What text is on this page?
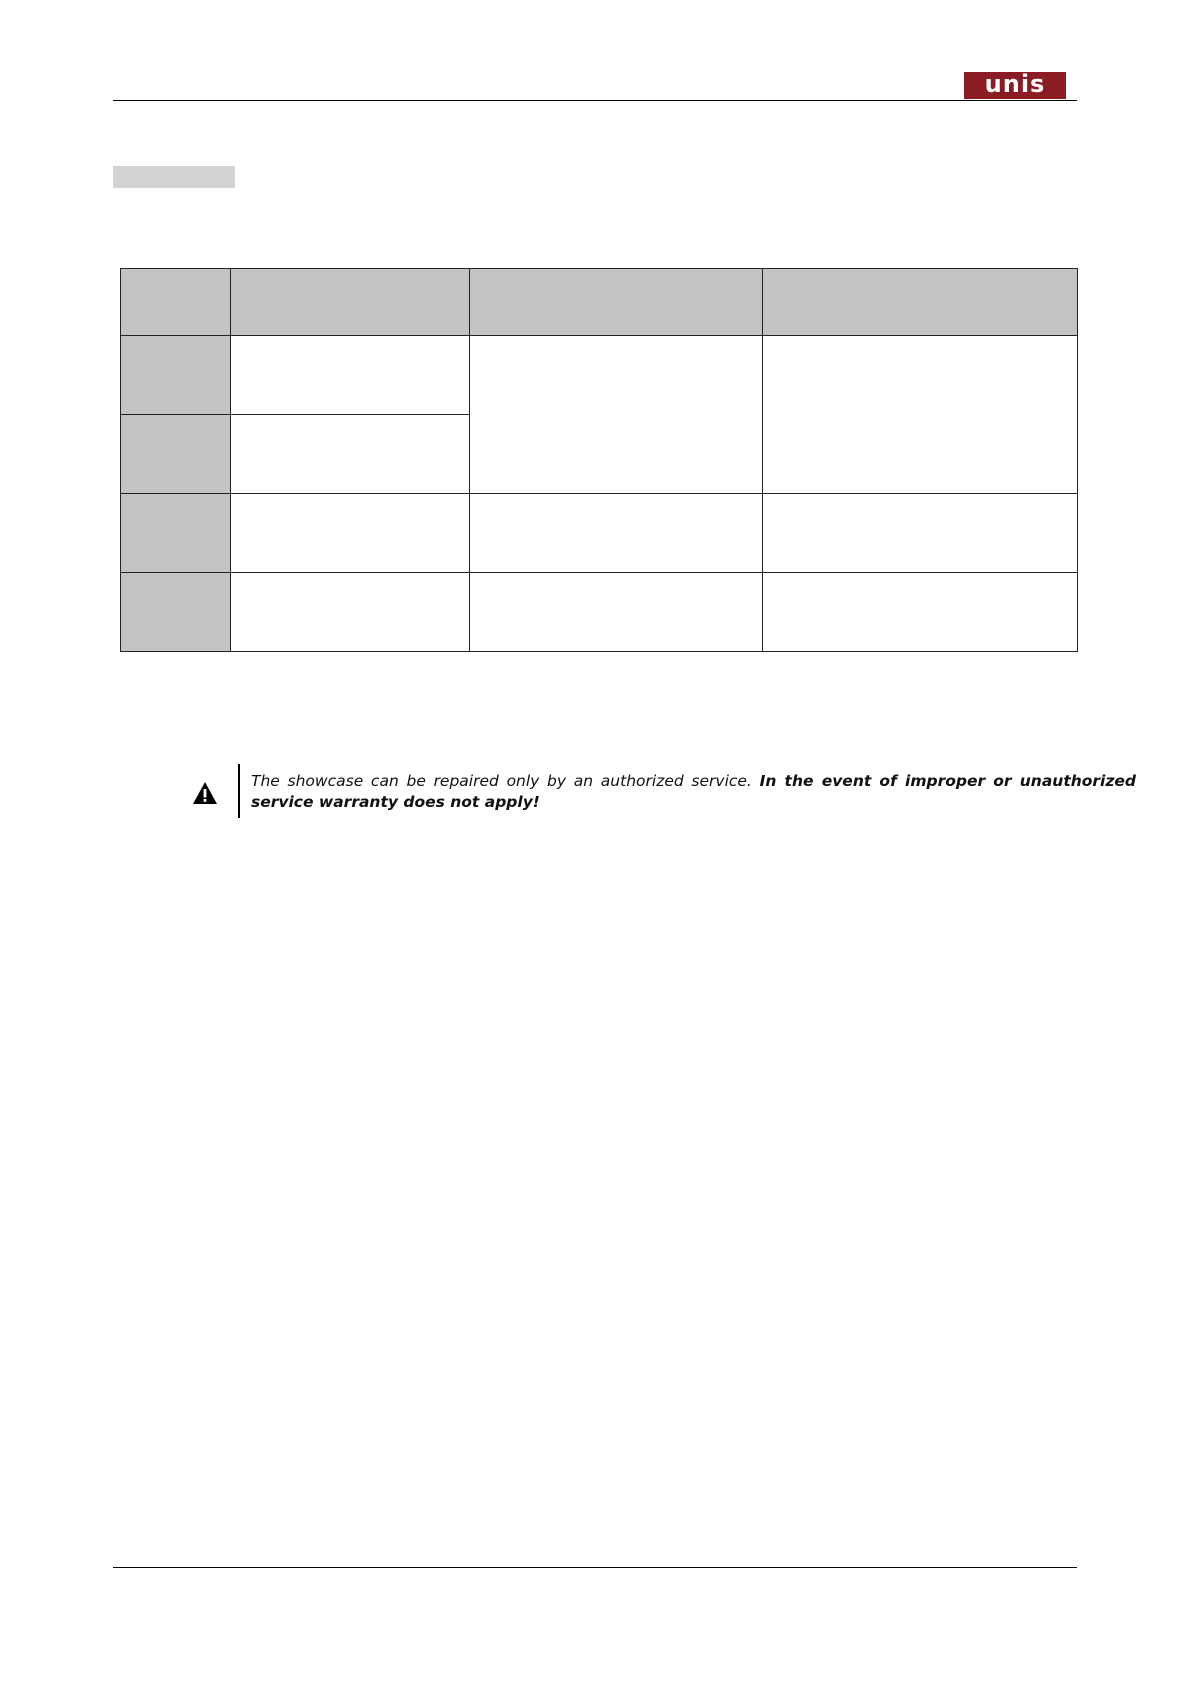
unis

The showcase can be repaired only by an authorized service. In the event of improper or unauthorized service warranty does not apply!
